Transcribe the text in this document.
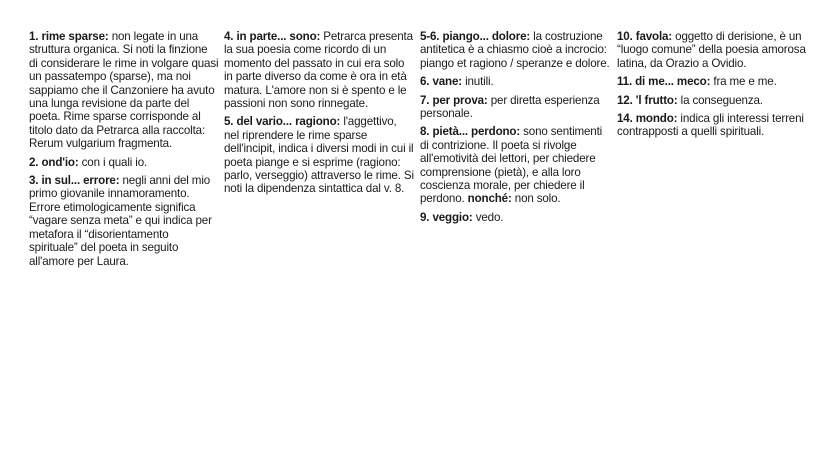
1. rime sparse: non legate in una struttura organica. Si noti la finzione di considerare le rime in volgare quasi un passatempo (sparse), ma noi sappiamo che il Canzoniere ha avuto una lunga revisione da parte del poeta. Rime sparse corrisponde al titolo dato da Petrarca alla raccolta: Rerum vulgarium fragmenta.

2. ond'io: con i quali io.

3. in sul... errore: negli anni del mio primo giovanile innamoramento. Errore etimologicamente significa “vagare senza meta” e qui indica per metafora il “disorientamento spirituale” del poeta in seguito all'amore per Laura.

4. in parte... sono: Petrarca presenta la sua poesia come ricordo di un momento del passato in cui era solo in parte diverso da come è ora in età matura. L'amore non si è spento e le passioni non sono rinnegate.

5. del vario... ragiono: l'aggettivo, nel riprendere le rime sparse dell'incipit, indica i diversi modi in cui il poeta piange e si esprime (ragiono: parlo, verseggio) attraverso le rime. Si noti la dipendenza sintattica dal v. 8.

5-6. piango... dolore: la costruzione antitetica è a chiasmo cioè a incrocio: piango et ragiono / speranze e dolore.

6. vane: inutili.

7. per prova: per diretta esperienza personale.

8. pietà... perdono: sono sentimenti di contrizione. Il poeta si rivolge all'emotività dei lettori, per chiedere comprensione (pietà), e alla loro coscienza morale, per chiedere il perdono. nonché: non solo.

9. veggio: vedo.

10. favola: oggetto di derisione, è un “luogo comune” della poesia amorosa latina, da Orazio a Ovidio.

11. di me... meco: fra me e me.

12. 'l frutto: la conseguenza.

14. mondo: indica gli interessi terreni contrapposti a quelli spirituali.
